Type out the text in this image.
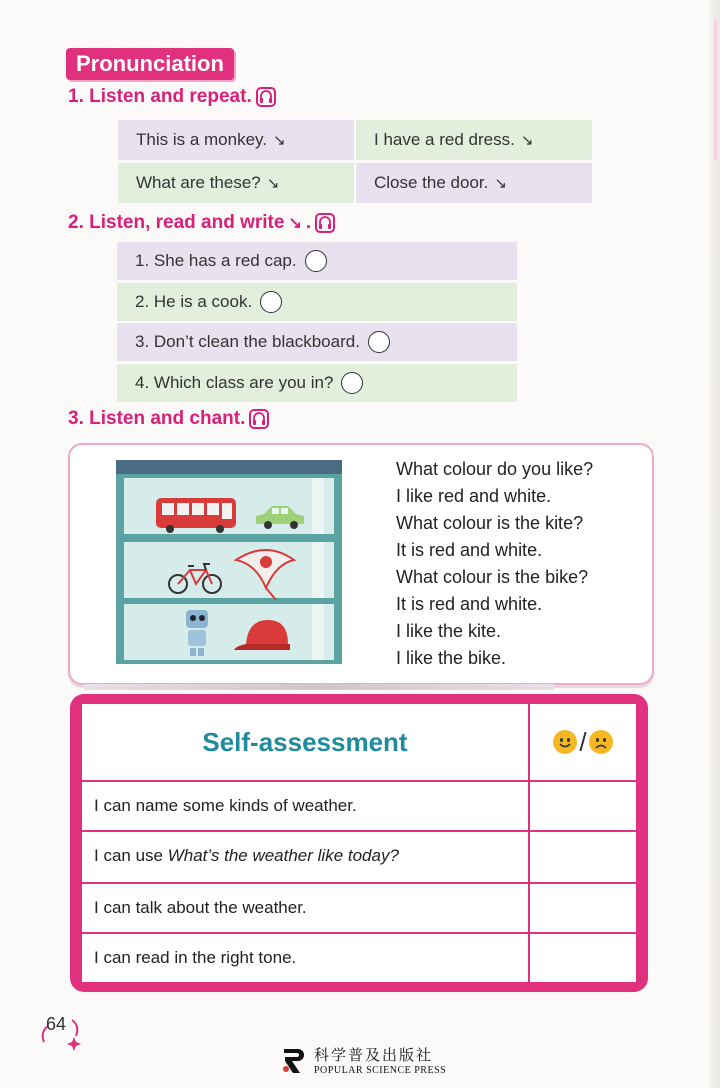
Pronunciation
1. Listen and repeat.
This is a monkey. ↘	I have a red dress. ↘
What are these? ↘	Close the door. ↘
2. Listen, read and write ↘ .
1. She has a red cap.
2. He is a cook.
3. Don’t clean the blackboard.
4. Which class are you in?
3. Listen and chant.
What colour do you like?
I like red and white.
What colour is the kite?
It is red and white.
What colour is the bike?
It is red and white.
I like the kite.
I like the bike.
Self-assessment	/
I can name some kinds of weather.
I can use What’s the weather like today?
I can talk about the weather.
I can read in the right tone.
64
科学普及出版社
POPULAR SCIENCE PRESS
